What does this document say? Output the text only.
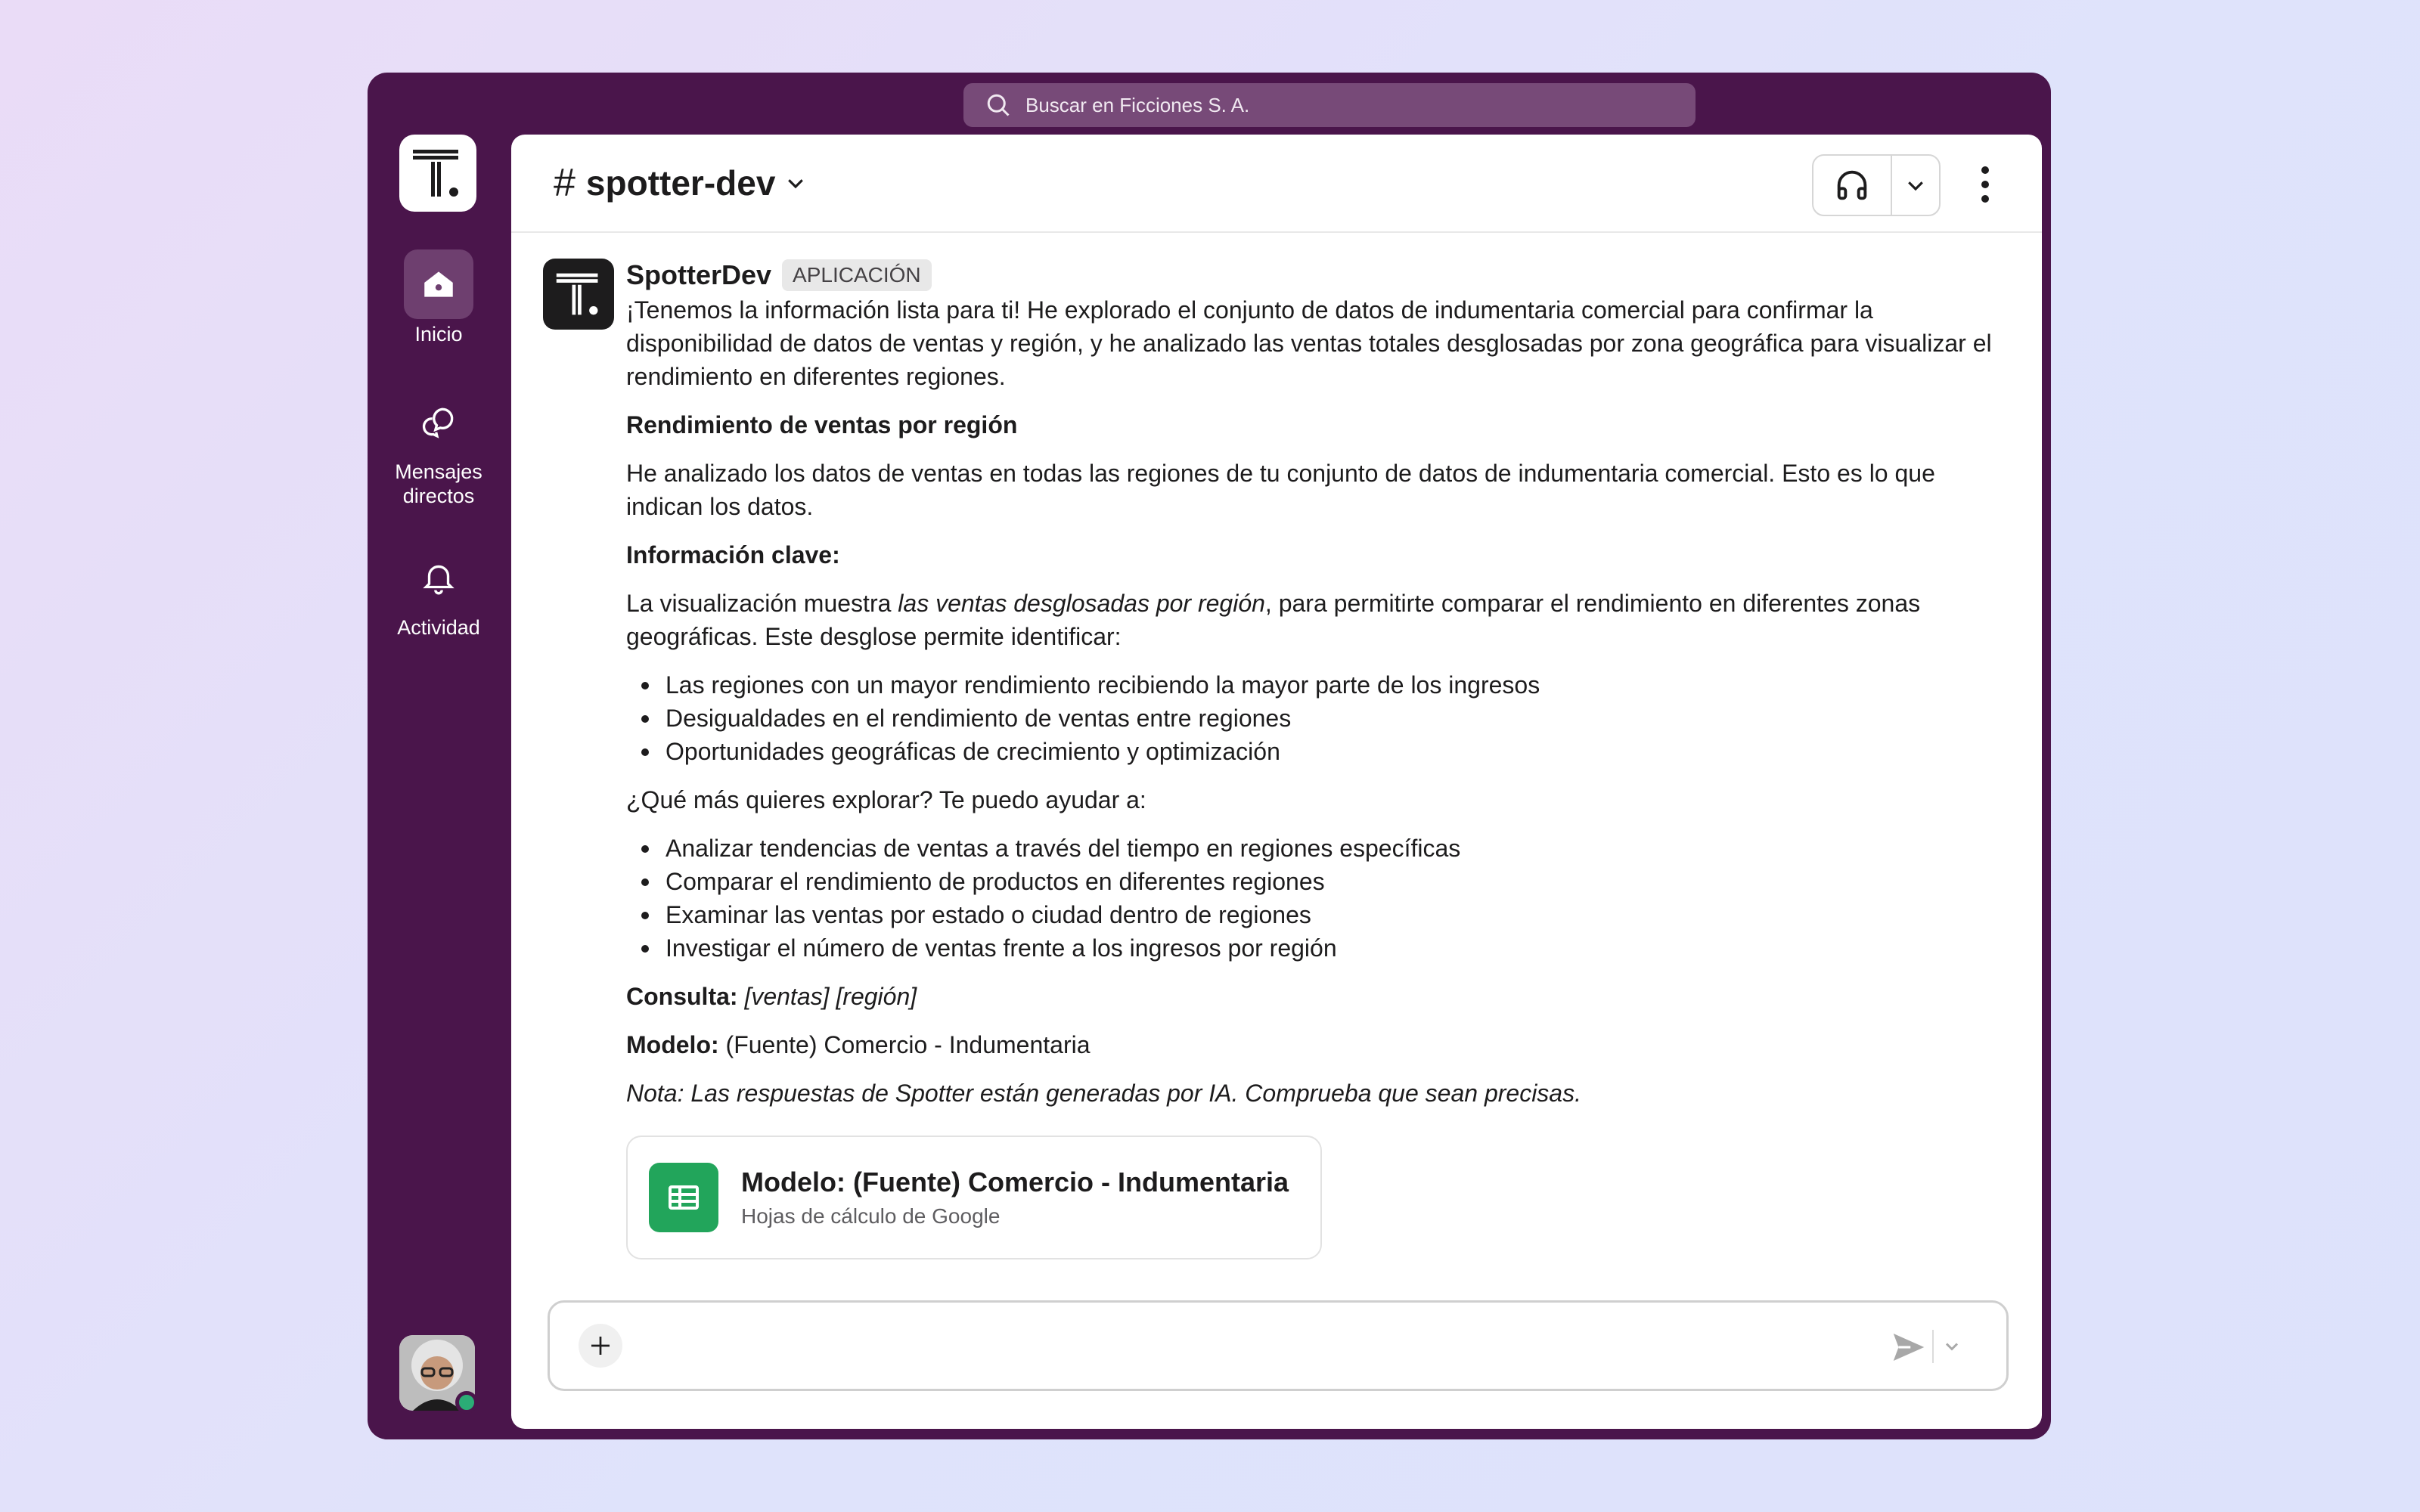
Buscar en Ficciones S. A.
Inicio
Mensajes directos
Actividad
# spotter-dev
SpotterDev	APLICACIÓN
¡Tenemos la información lista para ti! He explorado el conjunto de datos de indumentaria comercial para confirmar la disponibilidad de datos de ventas y región, y he analizado las ventas totales desglosadas por zona geográfica para visualizar el rendimiento en diferentes regiones.
Rendimiento de ventas por región
He analizado los datos de ventas en todas las regiones de tu conjunto de datos de indumentaria comercial. Esto es lo que indican los datos.
Información clave:
La visualización muestra las ventas desglosadas por región, para permitirte comparar el rendimiento en diferentes zonas geográficas. Este desglose permite identificar:
Las regiones con un mayor rendimiento recibiendo la mayor parte de los ingresos
Desigualdades en el rendimiento de ventas entre regiones
Oportunidades geográficas de crecimiento y optimización
¿Qué más quieres explorar? Te puedo ayudar a:
Analizar tendencias de ventas a través del tiempo en regiones específicas
Comparar el rendimiento de productos en diferentes regiones
Examinar las ventas por estado o ciudad dentro de regiones
Investigar el número de ventas frente a los ingresos por región
Consulta: [ventas] [región]
Modelo: (Fuente) Comercio - Indumentaria
Nota: Las respuestas de Spotter están generadas por IA. Comprueba que sean precisas.
Modelo: (Fuente) Comercio - Indumentaria
Hojas de cálculo de Google
